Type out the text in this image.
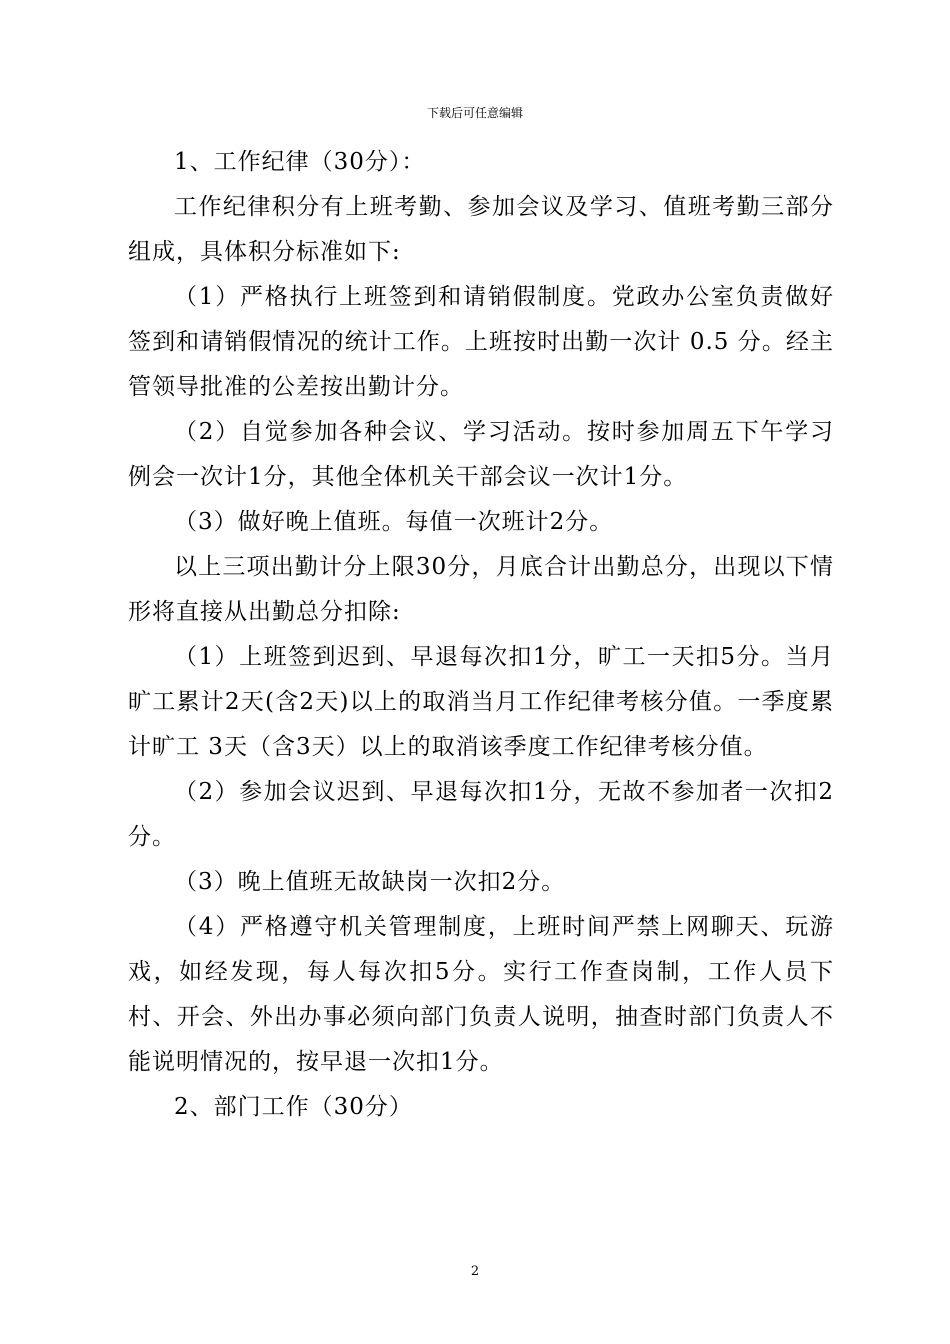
下载后可任意编辑

1、工作纪律（30分）：

工作纪律积分有上班考勤、参加会议及学习、值班考勤三部分组成，具体积分标准如下:

（1）严格执行上班签到和请销假制度。党政办公室负责做好签到和请销假情况的统计工作。上班按时出勤一次计 0.5 分。经主管领导批准的公差按出勤计分。

（2）自觉参加各种会议、学习活动。按时参加周五下午学习例会一次计1分，其他全体机关干部会议一次计1分。

（3）做好晚上值班。每值一次班计2分。

以上三项出勤计分上限30分，月底合计出勤总分，出现以下情形将直接从出勤总分扣除:

（1）上班签到迟到、早退每次扣1分，旷工一天扣5分。当月旷工累计2天(含2天)以上的取消当月工作纪律考核分值。一季度累计旷工 3天（含3天）以上的取消该季度工作纪律考核分值。

（2）参加会议迟到、早退每次扣1分，无故不参加者一次扣2分。

（3）晚上值班无故缺岗一次扣2分。

（4）严格遵守机关管理制度，上班时间严禁上网聊天、玩游戏，如经发现，每人每次扣5分。实行工作查岗制，工作人员下村、开会、外出办事必须向部门负责人说明，抽查时部门负责人不能说明情况的，按早退一次扣1分。

2、部门工作（30分）

2
